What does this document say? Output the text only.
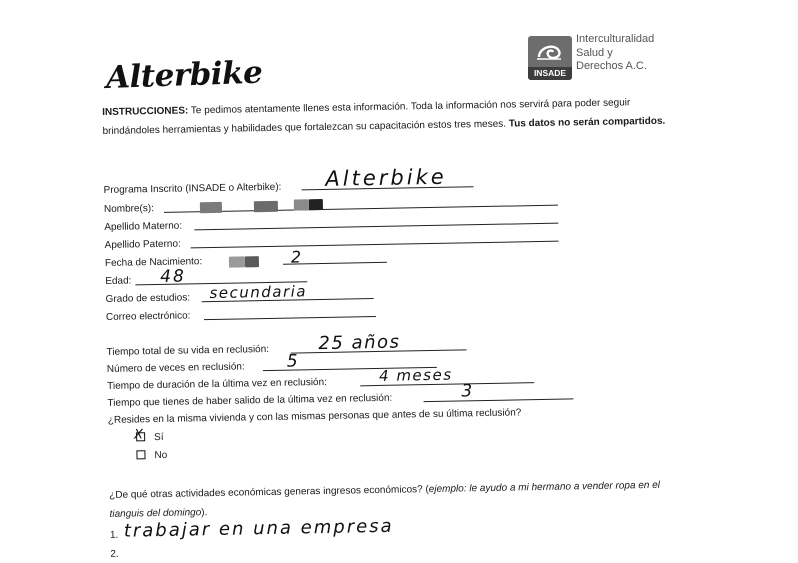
Alterbike	INSADE
Interculturalidad
Salud y
Derechos A.C.
INSTRUCCIONES: Te pedimos atentamente llenes esta información. Toda la información nos servirá para poder seguir brindándoles herramientas y habilidades que fortalezcan su capacitación estos tres meses. Tus datos no serán compartidos.
Programa Inscrito (INSADE o Alterbike): Alterbike
Nombre(s):
Apellido Materno:
Apellido Paterno:
Fecha de Nacimiento:	2
Edad: 48
Grado de estudios: secundaria
Correo electrónico:
Tiempo total de su vida en reclusión:	25 años
Número de veces en reclusión: 5
Tiempo de duración de la última vez en reclusión:	4 meses
Tiempo que tienes de haber salido de la última vez en reclusión:	3
¿Resides en la misma vivienda y con las mismas personas que antes de su última reclusión?
X Sí
No
¿De qué otras actividades económicas generas ingresos económicos? (ejemplo: le ayudo a mi hermano a vender ropa en el tianguis del domingo).
1. trabajar en una empresa
2.
